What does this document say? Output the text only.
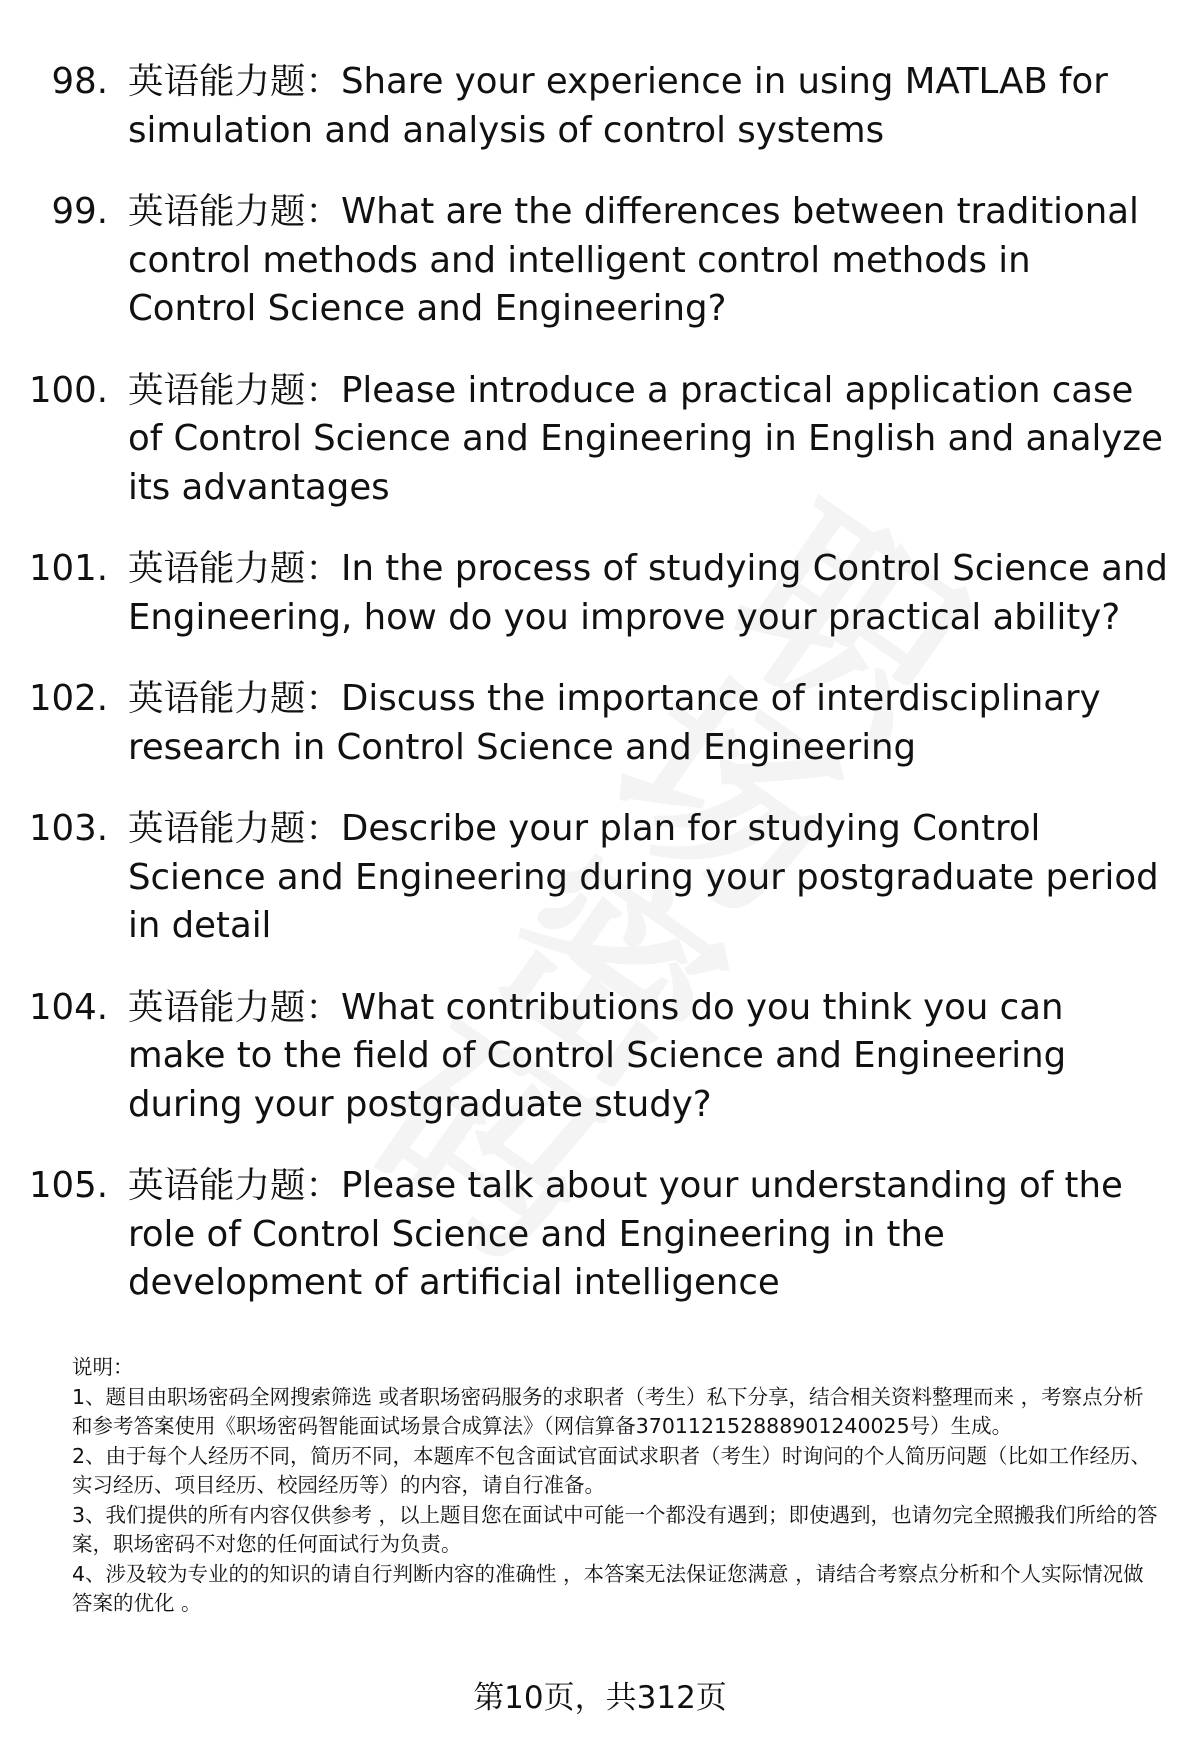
98. 英语能力题：Share your experience in using MATLAB for simulation and analysis of control systems
99. 英语能力题：What are the differences between traditional control methods and intelligent control methods in Control Science and Engineering?
100. 英语能力题：Please introduce a practical application case of Control Science and Engineering in English and analyze its advantages
101. 英语能力题：In the process of studying Control Science and Engineering, how do you improve your practical ability?
102. 英语能力题：Discuss the importance of interdisciplinary research in Control Science and Engineering
103. 英语能力题：Describe your plan for studying Control Science and Engineering during your postgraduate period in detail
104. 英语能力题：What contributions do you think you can make to the field of Control Science and Engineering during your postgraduate study?
105. 英语能力题：Please talk about your understanding of the role of Control Science and Engineering in the development of artificial intelligence

说明：

1、题目由职场密码全网搜索筛选 或者职场密码服务的求职者（考生）私下分享，结合相关资料整理而来 ，考察点分析和参考答案使用《职场密码智能面试场景合成算法》（网信算备370112152888901240025号）生成。

2、由于每个人经历不同，简历不同，本题库不包含面试官面试求职者（考生）时询问的个人简历问题（比如工作经历、实习经历、项目经历、校园经历等）的内容，请自行准备。

3、我们提供的所有内容仅供参考 ，以上题目您在面试中可能一个都没有遇到；即使遇到，也请勿完全照搬我们所给的答案，职场密码不对您的任何面试行为负责。

4、涉及较为专业的的知识的请自行判断内容的准确性 ，本答案无法保证您满意 ，请结合考察点分析和个人实际情况做答案的优化 。

第10页，共312页
